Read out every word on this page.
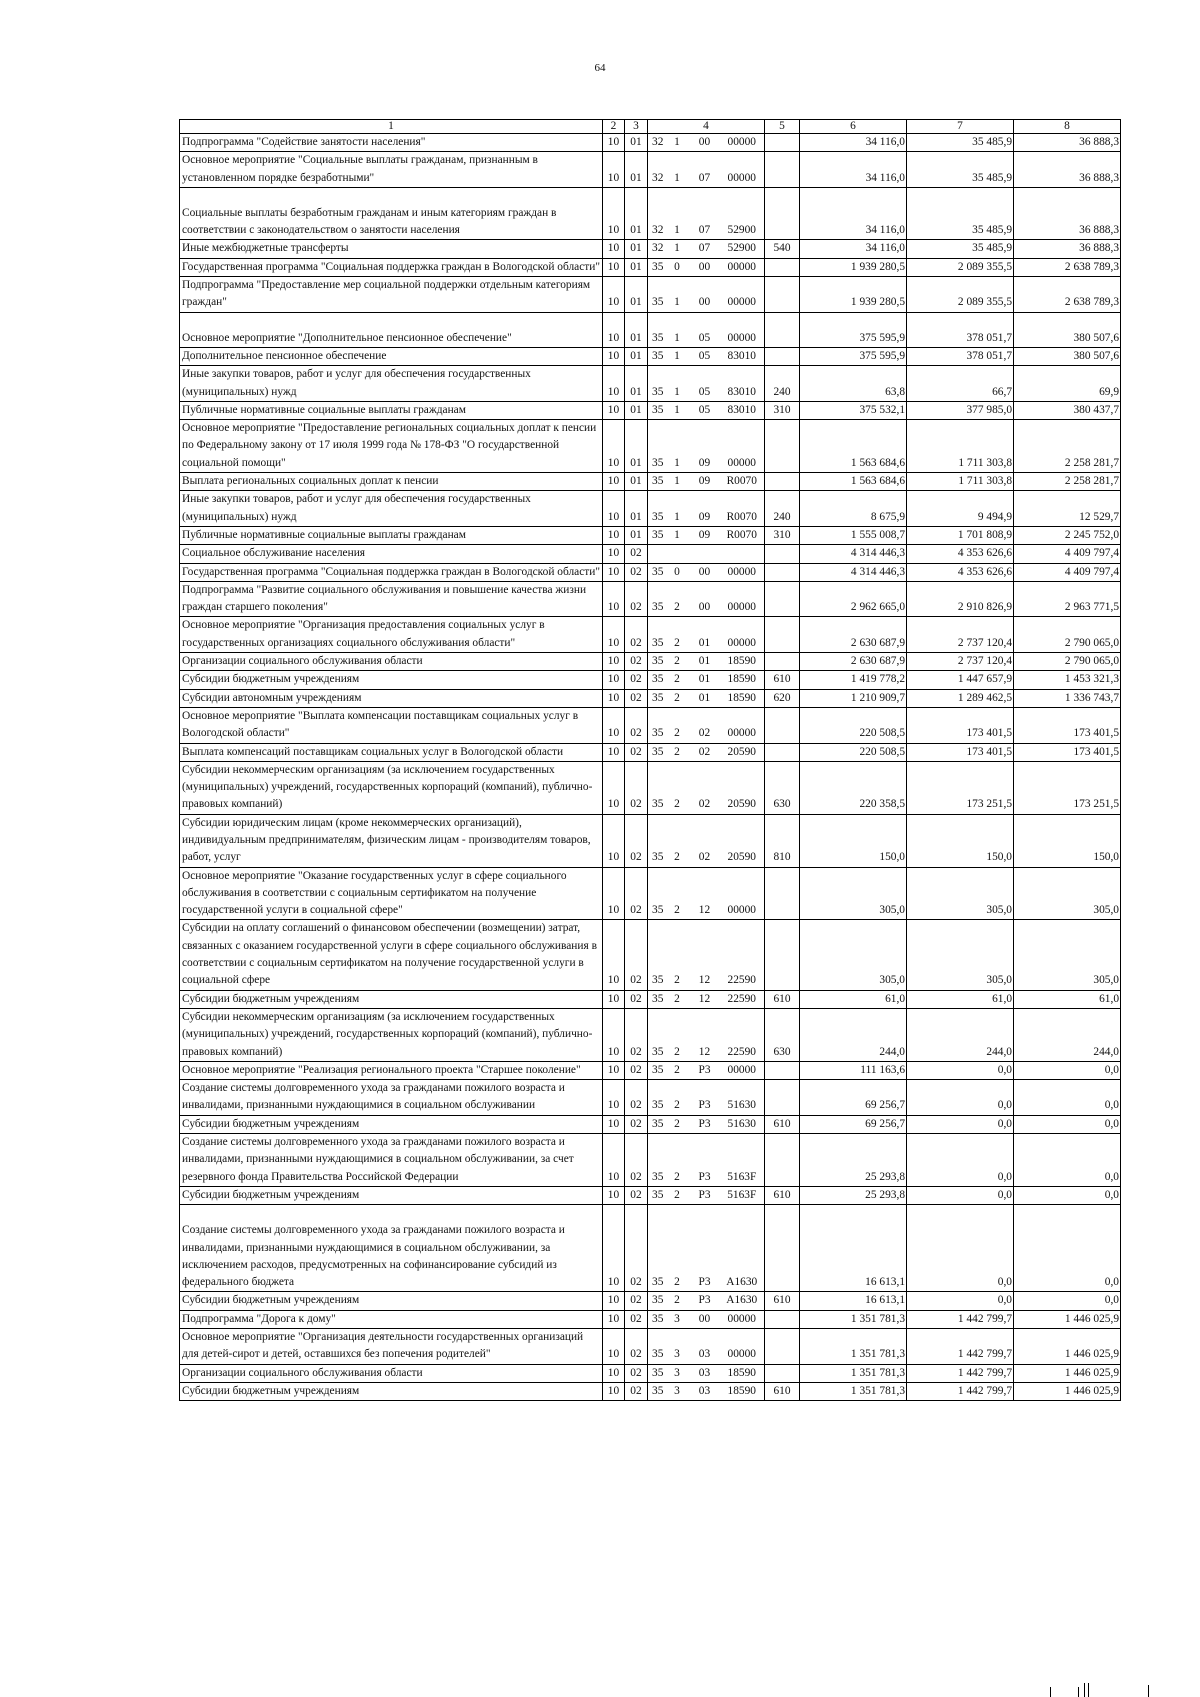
64
1	2	3	4				5	6	7	8
Подпрограмма "Содействие занятости населения"	10	01	32	1	00	00000		34 116,0	35 485,9	36 888,3
Основное мероприятие "Социальные выплаты гражданам, признанным в установленном порядке безработными"	10	01	32	1	07	00000		34 116,0	35 485,9	36 888,3

Социальные выплаты безработным гражданам и иным категориям граждан в соответствии с законодательством о занятости населения	10	01	32	1	07	52900		34 116,0	35 485,9	36 888,3
Иные межбюджетные трансферты	10	01	32	1	07	52900	540	34 116,0	35 485,9	36 888,3
Государственная программа "Социальная поддержка граждан в Вологодской области"	10	01	35	0	00	00000		1 939 280,5	2 089 355,5	2 638 789,3
Подпрограмма "Предоставление мер социальной поддержки отдельным категориям граждан"	10	01	35	1	00	00000		1 939 280,5	2 089 355,5	2 638 789,3

Основное мероприятие "Дополнительное пенсионное обеспечение"	10	01	35	1	05	00000		375 595,9	378 051,7	380 507,6
Дополнительное пенсионное обеспечение	10	01	35	1	05	83010		375 595,9	378 051,7	380 507,6
Иные закупки товаров, работ и услуг для обеспечения государственных (муниципальных) нужд	10	01	35	1	05	83010	240	63,8	66,7	69,9
Публичные нормативные социальные выплаты гражданам	10	01	35	1	05	83010	310	375 532,1	377 985,0	380 437,7
Основное мероприятие "Предоставление региональных социальных доплат к пенсии по Федеральному закону от 17 июля 1999 года № 178-ФЗ "О государственной социальной помощи"	10	01	35	1	09	00000		1 563 684,6	1 711 303,8	2 258 281,7
Выплата региональных социальных доплат к пенсии	10	01	35	1	09	R0070		1 563 684,6	1 711 303,8	2 258 281,7
Иные закупки товаров, работ и услуг для обеспечения государственных (муниципальных) нужд	10	01	35	1	09	R0070	240	8 675,9	9 494,9	12 529,7
Публичные нормативные социальные выплаты гражданам	10	01	35	1	09	R0070	310	1 555 008,7	1 701 808,9	2 245 752,0
Социальное обслуживание населения	10	02						4 314 446,3	4 353 626,6	4 409 797,4
Государственная программа "Социальная поддержка граждан в Вологодской области"	10	02	35	0	00	00000		4 314 446,3	4 353 626,6	4 409 797,4
Подпрограмма "Развитие социального обслуживания и повышение качества жизни граждан старшего поколения"	10	02	35	2	00	00000		2 962 665,0	2 910 826,9	2 963 771,5
Основное мероприятие "Организация предоставления социальных услуг в государственных организациях социального обслуживания области"	10	02	35	2	01	00000		2 630 687,9	2 737 120,4	2 790 065,0
Организации социального обслуживания области	10	02	35	2	01	18590		2 630 687,9	2 737 120,4	2 790 065,0
Субсидии бюджетным учреждениям	10	02	35	2	01	18590	610	1 419 778,2	1 447 657,9	1 453 321,3
Субсидии автономным учреждениям	10	02	35	2	01	18590	620	1 210 909,7	1 289 462,5	1 336 743,7
Основное мероприятие "Выплата компенсации поставщикам социальных услуг в Вологодской области"	10	02	35	2	02	00000		220 508,5	173 401,5	173 401,5
Выплата компенсаций поставщикам социальных услуг в Вологодской области	10	02	35	2	02	20590		220 508,5	173 401,5	173 401,5
Субсидии некоммерческим организациям (за исключением государственных (муниципальных) учреждений, государственных корпораций (компаний), публично-правовых компаний)	10	02	35	2	02	20590	630	220 358,5	173 251,5	173 251,5
Субсидии юридическим лицам (кроме некоммерческих организаций), индивидуальным предпринимателям, физическим лицам - производителям товаров, работ, услуг	10	02	35	2	02	20590	810	150,0	150,0	150,0
Основное мероприятие "Оказание государственных услуг в сфере социального обслуживания в соответствии с социальным сертификатом на получение государственной услуги в социальной сфере"	10	02	35	2	12	00000		305,0	305,0	305,0
Субсидии на оплату соглашений о финансовом обеспечении (возмещении) затрат, связанных с оказанием государственной услуги в сфере социального обслуживания в соответствии с социальным сертификатом на получение государственной услуги в социальной сфере	10	02	35	2	12	22590		305,0	305,0	305,0
Субсидии бюджетным учреждениям	10	02	35	2	12	22590	610	61,0	61,0	61,0
Субсидии некоммерческим организациям (за исключением государственных (муниципальных) учреждений, государственных корпораций (компаний), публично-правовых компаний)	10	02	35	2	12	22590	630	244,0	244,0	244,0
Основное мероприятие "Реализация регионального проекта "Старшее поколение"	10	02	35	2	P3	00000		111 163,6	0,0	0,0
Создание системы долговременного ухода за гражданами пожилого возраста и инвалидами, признанными нуждающимися в социальном обслуживании	10	02	35	2	P3	51630		69 256,7	0,0	0,0
Субсидии бюджетным учреждениям	10	02	35	2	P3	51630	610	69 256,7	0,0	0,0
Создание системы долговременного ухода за гражданами пожилого возраста и инвалидами, признанными нуждающимися в социальном обслуживании, за счет резервного фонда Правительства Российской Федерации	10	02	35	2	P3	5163F		25 293,8	0,0	0,0
Субсидии бюджетным учреждениям	10	02	35	2	P3	5163F	610	25 293,8	0,0	0,0

Создание системы долговременного ухода за гражданами пожилого возраста и инвалидами, признанными нуждающимися в социальном обслуживании, за исключением расходов, предусмотренных на софинансирование субсидий из федерального бюджета	10	02	35	2	P3	A1630		16 613,1	0,0	0,0
Субсидии бюджетным учреждениям	10	02	35	2	P3	A1630	610	16 613,1	0,0	0,0
Подпрограмма "Дорога к дому"	10	02	35	3	00	00000		1 351 781,3	1 442 799,7	1 446 025,9
Основное мероприятие "Организация деятельности государственных организаций для детей-сирот и детей, оставшихся без попечения родителей"	10	02	35	3	03	00000		1 351 781,3	1 442 799,7	1 446 025,9
Организации социального обслуживания области	10	02	35	3	03	18590		1 351 781,3	1 442 799,7	1 446 025,9
Субсидии бюджетным учреждениям	10	02	35	3	03	18590	610	1 351 781,3	1 442 799,7	1 446 025,9
